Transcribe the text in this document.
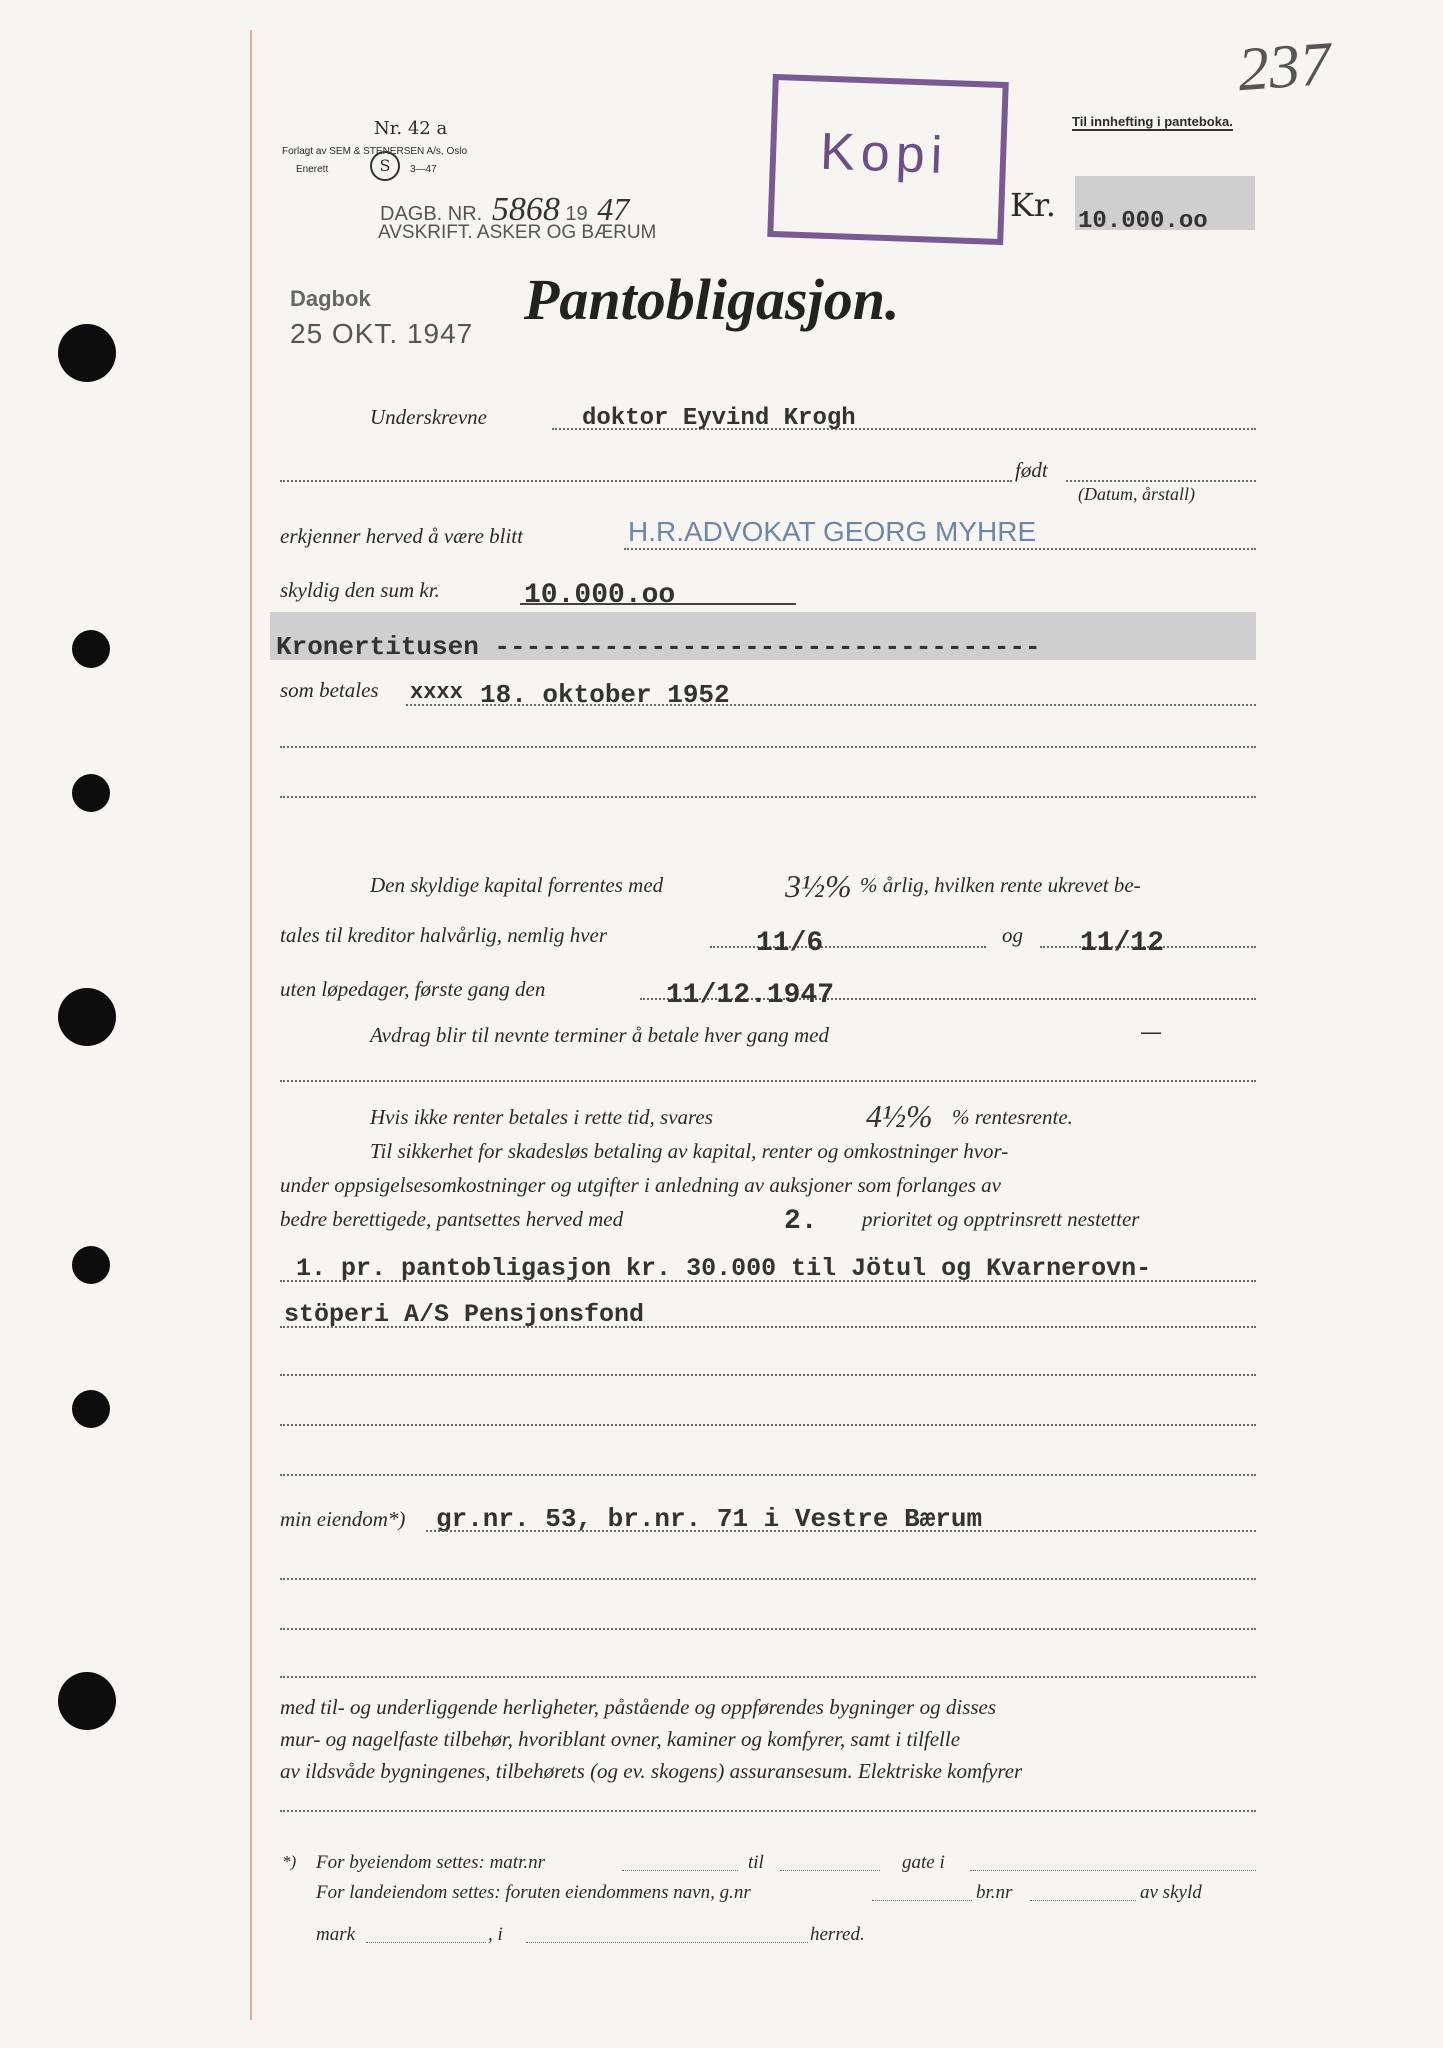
237
Nr. 42 a
Forlagt av SEM & STENERSEN A/s, Oslo
Enerett	S	3—47
Til innhefting i panteboka.
DAGB. NR. 5868 19 47
AVSKRIFT. ASKER OG BÆRUM
Kopi
Dagbok
25 OKT. 1947
Kr. 10.000.oo
Pantobligasjon.
Underskrevne	doktor Eyvind Krogh
født
(Datum, årstall)
erkjenner herved å være blitt	H.R.ADVOKAT GEORG MYHRE
skyldig den sum kr.	10.000.oo
Kronertitusen -----------------------------------
som betales xxxx 18. oktober 1952
Den skyldige kapital forrentes med	3½% % årlig, hvilken rente ukrevet be-
tales til kreditor halvårlig, nemlig hver	11/6	og 11/12
uten løpedager, første gang den	11/12.1947
Avdrag blir til nevnte terminer å betale hver gang med	—
Hvis ikke renter betales i rette tid, svares	4½% % rentesrente.
Til sikkerhet for skadesløs betaling av kapital, renter og omkostninger hvor-
under oppsigelsesomkostninger og utgifter i anledning av auksjoner som forlanges av
bedre berettigede, pantsettes herved med	2. prioritet og opptrinsrett nestetter
1. pr. pantobligasjon kr. 30.000 til Jötul og Kvarnerovn-
stöperi A/S Pensjonsfond
min eiendom*) gr.nr. 53, br.nr. 71 i Vestre Bærum
med til- og underliggende herligheter, påstående og oppførendes bygninger og disses
mur- og nagelfaste tilbehør, hvoriblant ovner, kaminer og komfyrer, samt i tilfelle
av ildsvåde bygningenes, tilbehørets (og ev. skogens) assuransesum. Elektriske komfyrer
*) For byeiendom settes: matr.nr	til	gate i
For landeiendom settes: foruten eiendommens navn, g.nr	br.nr	av skyld
mark	, i	herred.
